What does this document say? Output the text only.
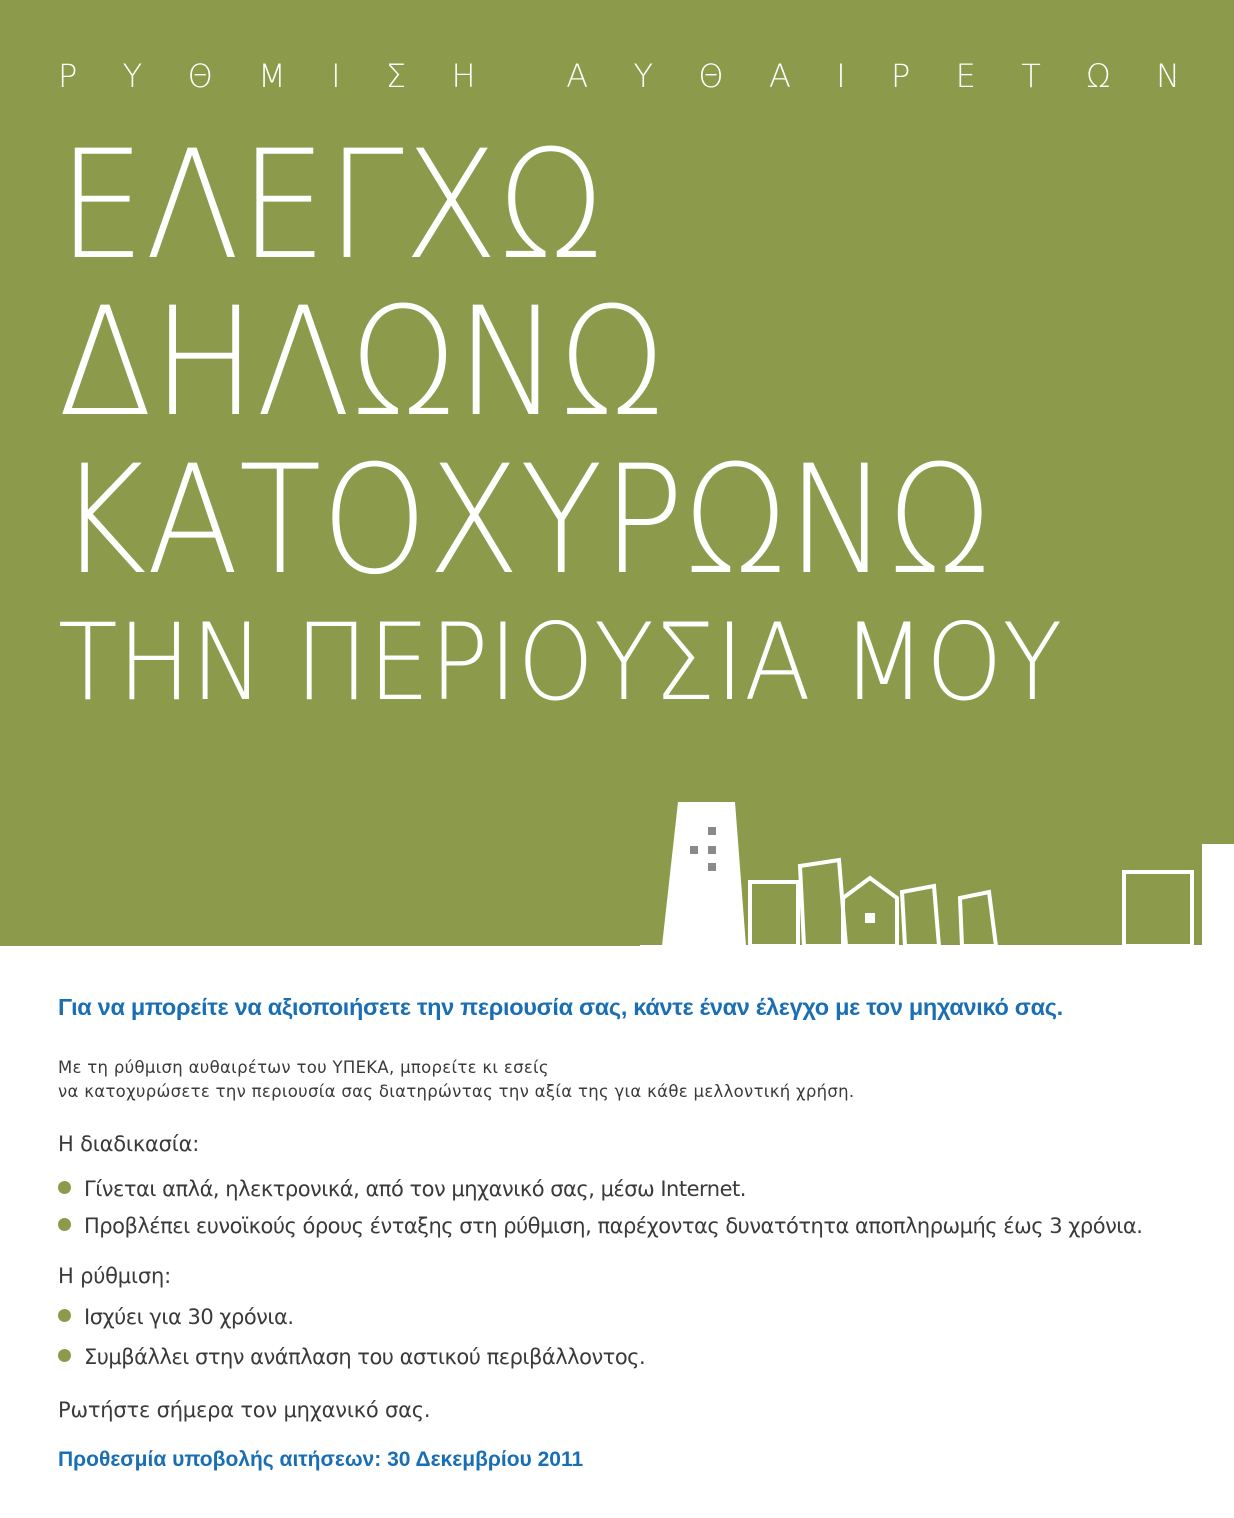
Ρ Υ Θ Μ Ι Σ Η	Α Υ Θ Α Ι Ρ Ε Τ Ω Ν
ΕΛΕΓΧΩ
ΔΗΛΩΝΩ
ΚΑΤΟΧΥΡΩΝΩ
ΤΗΝ ΠΕΡΙΟΥΣΙΑ ΜΟΥ
Για να μπορείτε να αξιοποιήσετε την περιουσία σας, κάντε έναν έλεγχο με τον μηχανικό σας.
Με τη ρύθμιση αυθαιρέτων του ΥΠΕΚΑ, μπορείτε κι εσείς
να κατοχυρώσετε την περιουσία σας διατηρώντας την αξία της για κάθε μελλοντική χρήση.
Η διαδικασία:
Γίνεται απλά, ηλεκτρονικά, από τον μηχανικό σας, μέσω Internet.
Προβλέπει ευνοϊκούς όρους ένταξης στη ρύθμιση, παρέχοντας δυνατότητα αποπληρωμής έως 3 χρόνια.
Η ρύθμιση:
Ισχύει για 30 χρόνια.
Συμβάλλει στην ανάπλαση του αστικού περιβάλλοντος.
Ρωτήστε σήμερα τον μηχανικό σας.
Προθεσμία υποβολής αιτήσεων: 30 Δεκεμβρίου 2011
